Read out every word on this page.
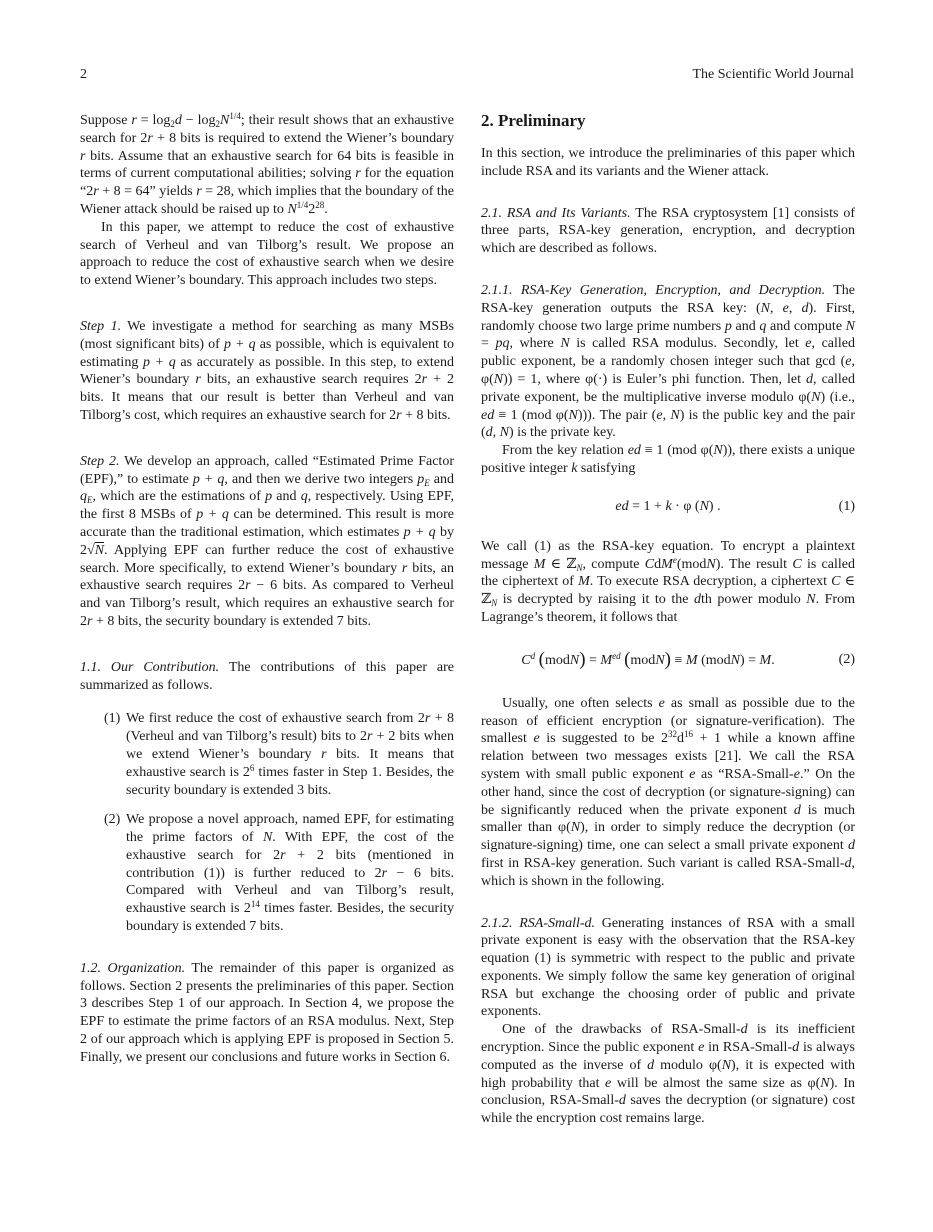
2	The Scientific World Journal

Suppose $r = \log_2d - \log_2N^{1/4}$; their result shows that an exhaustive search for 2r + 8 bits is required to extend the Wiener’s boundary r bits. Assume that an exhaustive search for 64 bits is feasible in terms of current computational abilities; solving r for the equation “2r + 8 = 64” yields r = 28, which implies that the boundary of the Wiener attack should be raised up to $N^{1/4}2^{28}$.

In this paper, we attempt to reduce the cost of exhaustive search of Verheul and van Tilborg’s result. We propose an approach to reduce the cost of exhaustive search when we desire to extend Wiener’s boundary. This approach includes two steps.

Step 1. We investigate a method for searching as many MSBs (most significant bits) of p + q as possible, which is equivalent to estimating p + q as accurately as possible. In this step, to extend Wiener’s boundary r bits, an exhaustive search requires 2r + 2 bits. It means that our result is better than Verheul and van Tilborg’s cost, which requires an exhaustive search for 2r + 8 bits.

Step 2. We develop an approach, called “Estimated Prime Factor (EPF),” to estimate p + q, and then we derive two integers $p_E$ and $q_E$, which are the estimations of p and q, respectively. Using EPF, the first 8 MSBs of p + q can be determined. This result is more accurate than the traditional estimation, which estimates p + q by 2√N. Applying EPF can further reduce the cost of exhaustive search. More specifically, to extend Wiener’s boundary r bits, an exhaustive search requires 2r − 6 bits. As compared to Verheul and van Tilborg’s result, which requires an exhaustive search for 2r + 8 bits, the security boundary is extended 7 bits.

1.1. Our Contribution. The contributions of this paper are summarized as follows.

(1) We first reduce the cost of exhaustive search from 2r + 8 (Verheul and van Tilborg’s result) bits to 2r + 2 bits when we extend Wiener’s boundary r bits. It means that exhaustive search is $2^6$ times faster in Step 1. Besides, the security boundary is extended 3 bits.
(2) We propose a novel approach, named EPF, for estimating the prime factors of N. With EPF, the cost of the exhaustive search for 2r + 2 bits (mentioned in contribution (1)) is further reduced to 2r − 6 bits. Compared with Verheul and van Tilborg’s result, exhaustive search is $2^{14}$ times faster. Besides, the security boundary is extended 7 bits.

1.2. Organization. The remainder of this paper is organized as follows. Section 2 presents the preliminaries of this paper. Section 3 describes Step 1 of our approach. In Section 4, we propose the EPF to estimate the prime factors of an RSA modulus. Next, Step 2 of our approach which is applying EPF is proposed in Section 5. Finally, we present our conclusions and future works in Section 6.

2. Preliminary

In this section, we introduce the preliminaries of this paper which include RSA and its variants and the Wiener attack.

2.1. RSA and Its Variants. The RSA cryptosystem [1] consists of three parts, RSA-key generation, encryption, and decryption which are described as follows.

2.1.1. RSA-Key Generation, Encryption, and Decryption. The RSA-key generation outputs the RSA key: (N, e, d). First, randomly choose two large prime numbers p and q and compute N = pq, where N is called RSA modulus. Secondly, let e, called public exponent, be a randomly chosen integer such that gcd (e, φ(N)) = 1, where φ(·) is Euler’s phi function. Then, let d, called private exponent, be the multiplicative inverse modulo φ(N) (i.e., ed ≡ 1 (mod φ(N))). The pair (e, N) is the public key and the pair (d, N) is the private key.

From the key relation ed ≡ 1 (mod φ(N)), there exists a unique positive integer k satisfying

ed = 1 + k · φ (N) .	(1)

We call (1) as the RSA-key equation. To encrypt a plaintext message M ∈ ℤ$_N$, compute CdM$^e$(modN). The result C is called the ciphertext of M. To execute RSA decryption, a ciphertext C ∈ ℤ$_N$ is decrypted by raising it to the dth power modulo N. From Lagrange’s theorem, it follows that

$C^d$ (modN) = $M^{ed}$ (modN) ≡ M (modN) = M.	(2)

Usually, one often selects e as small as possible due to the reason of efficient encryption (or signature-verification). The smallest e is suggested to be $2^{32}d^{16} + 1$ while a known affine relation between two messages exists [21]. We call the RSA system with small public exponent e as “RSA-Small-e.” On the other hand, since the cost of decryption (or signature-signing) can be significantly reduced when the private exponent d is much smaller than φ(N), in order to simply reduce the decryption (or signature-signing) time, one can select a small private exponent d first in RSA-key generation. Such variant is called RSA-Small-d, which is shown in the following.

2.1.2. RSA-Small-d. Generating instances of RSA with a small private exponent is easy with the observation that the RSA-key equation (1) is symmetric with respect to the public and private exponents. We simply follow the same key generation of original RSA but exchange the choosing order of public and private exponents.

One of the drawbacks of RSA-Small-d is its inefficient encryption. Since the public exponent e in RSA-Small-d is always computed as the inverse of d modulo φ(N), it is expected with high probability that e will be almost the same size as φ(N). In conclusion, RSA-Small-d saves the decryption (or signature) cost while the encryption cost remains large.
